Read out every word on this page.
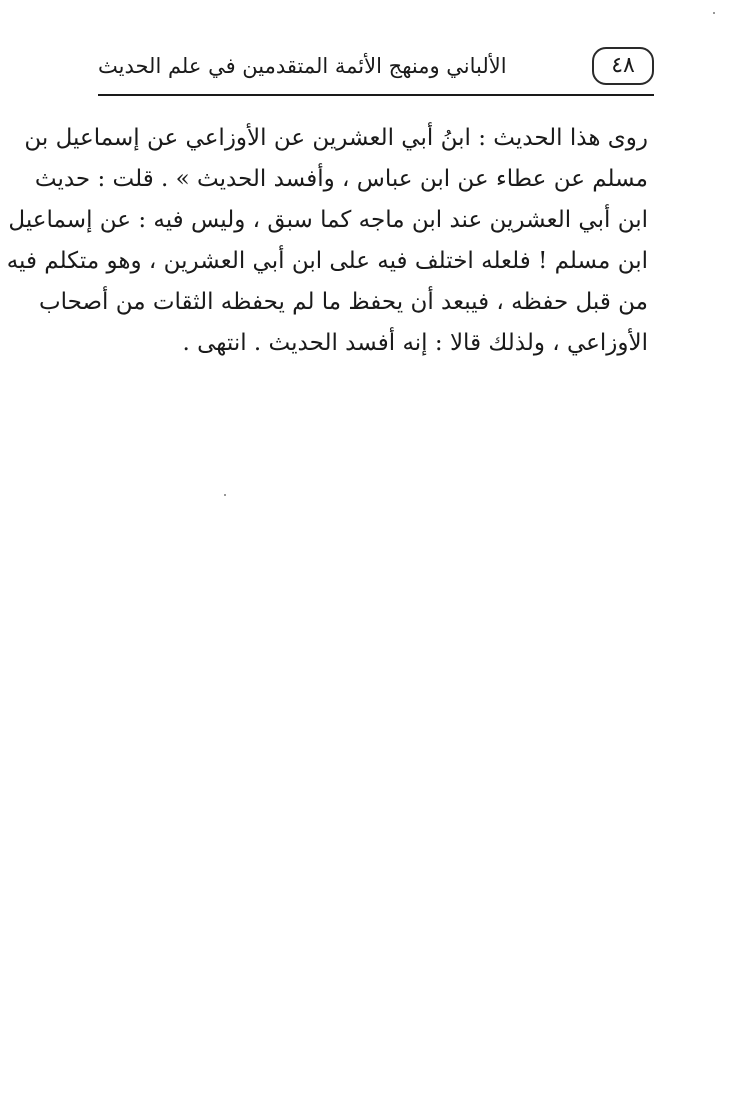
٤٨
الألباني ومنهج الأئمة المتقدمين في علم الحديث
روى هذا الحديث : ابنُ أبي العشرين عن الأوزاعي عن إسماعيل بن
مسلم عن عطاء عن ابن عباس ، وأفسد الحديث » . قلت : حديث
ابن أبي العشرين عند ابن ماجه كما سبق ، وليس فيه : عن إسماعيل
ابن مسلم ! فلعله اختلف فيه على ابن أبي العشرين ، وهو متكلم فيه
من قبل حفظه ، فيبعد أن يحفظ ما لم يحفظه الثقات من أصحاب
الأوزاعي ، ولذلك قالا : إنه أفسد الحديث . انتهى .
